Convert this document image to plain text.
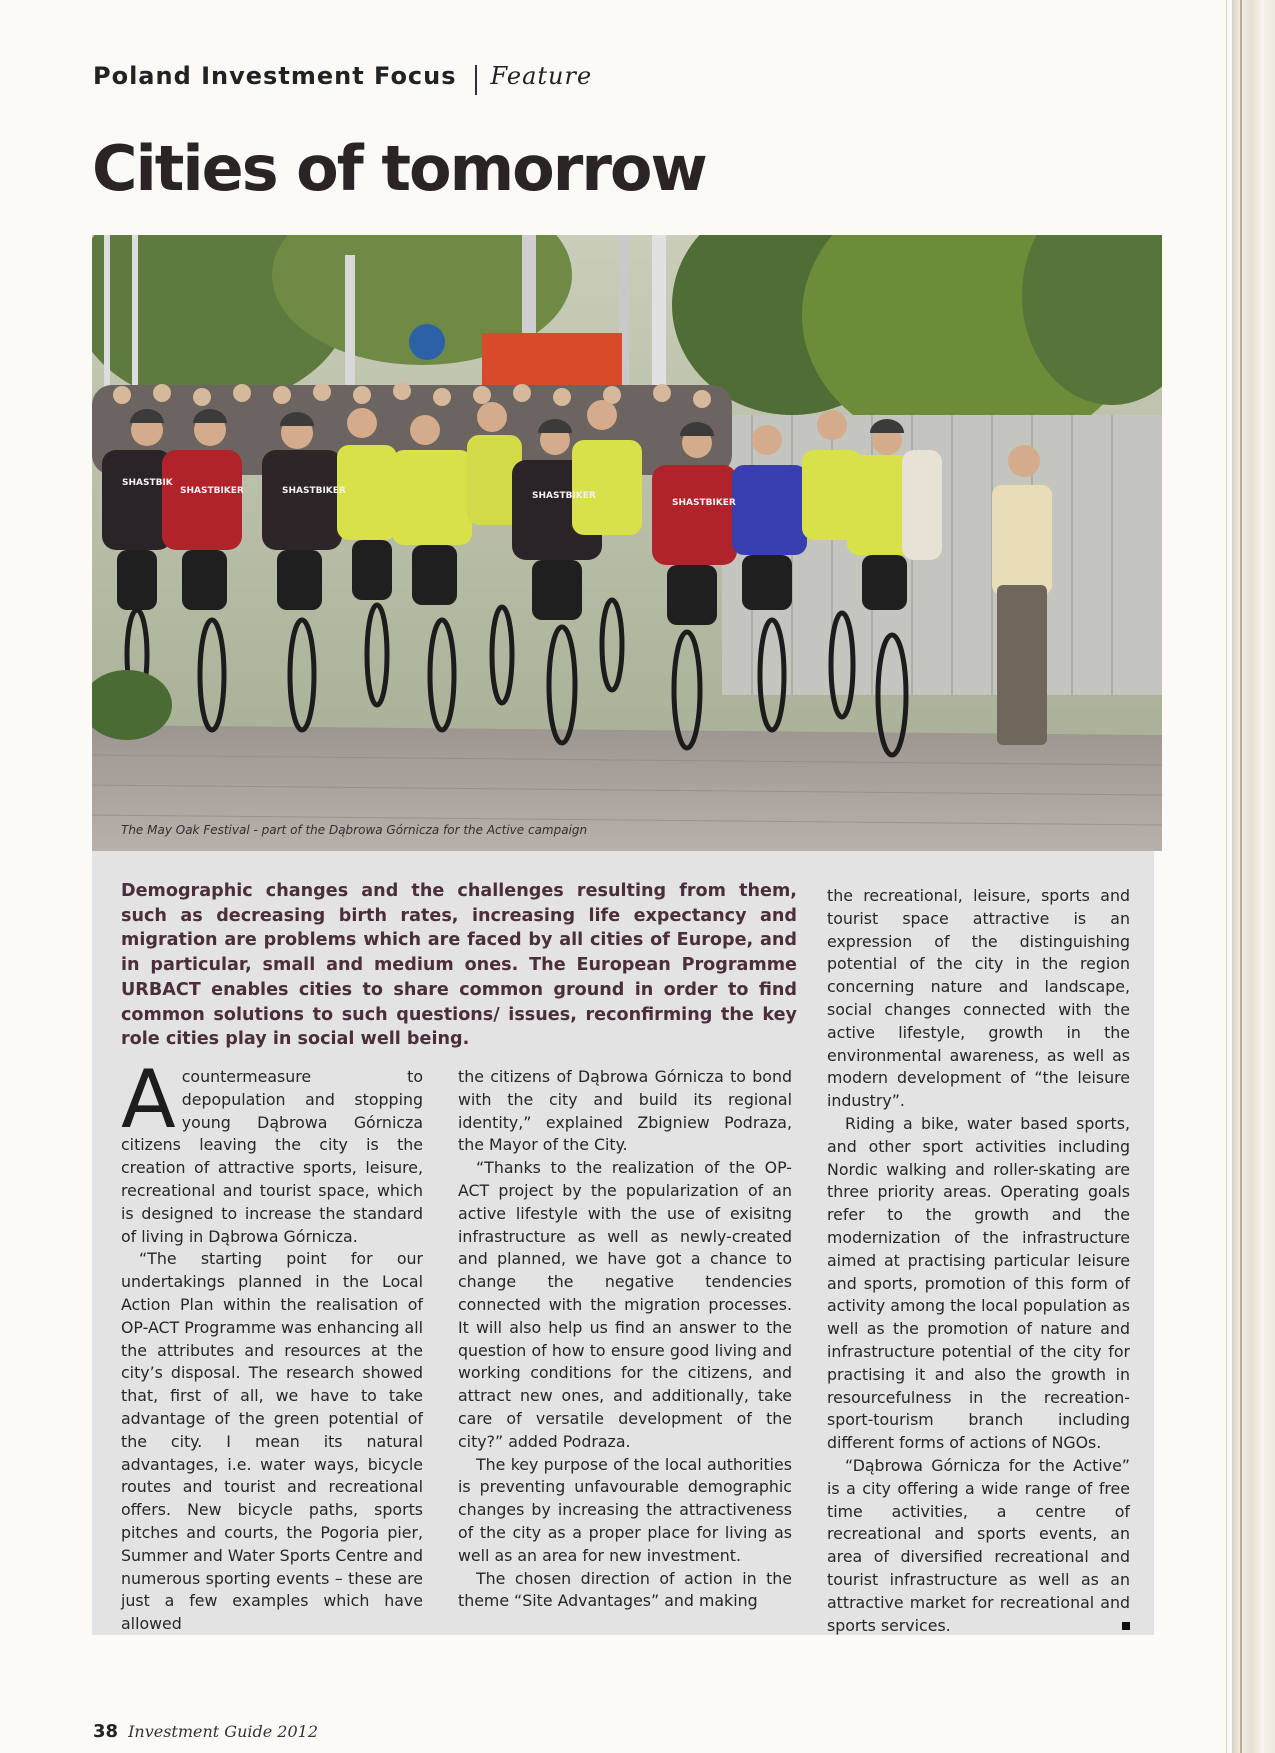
Poland Investment Focus Feature
Cities of tomorrow
SHASTBIK
SHASTBIKER	SHASTBIKER	SHASTBIKER
SHASTBIKER
The May Oak Festival - part of the Dąbrowa Górnicza for the Active campaign

Demographic changes and the challenges resulting from them, such as decreasing birth rates, increasing life expectancy and migration are problems which are faced by all cities of Europe, and in particular, small and medium ones. The European Programme URBACT enables cities to share common ground in order to find common solutions to such questions/ issues, reconfirming the key role cities play in social well being.

Acountermeasure to depopulation and stopping young Dąbrowa Górnicza citizens leaving the city is the creation of attractive sports, leisure, recreational and tourist space, which is designed to increase the standard of living in Dąbrowa Górnicza.

“The starting point for our undertakings planned in the Local Action Plan within the realisation of OP-ACT Programme was enhancing all the attributes and resources at the city’s disposal. The research showed that, first of all, we have to take advantage of the green potential of the city. I mean its natural advantages, i.e. water ways, bicycle routes and tourist and recreational offers. New bicycle paths, sports pitches and courts, the Pogoria pier, Summer and Water Sports Centre and numerous sporting events – these are just a few examples which have allowed

the citizens of Dąbrowa Górnicza to bond with the city and build its regional identity,” explained Zbigniew Podraza, the Mayor of the City.

“Thanks to the realization of the OP-ACT project by the popularization of an active lifestyle with the use of exisitng infrastructure as well as newly-created and planned, we have got a chance to change the negative tendencies connected with the migration processes. It will also help us find an answer to the question of how to ensure good living and working conditions for the citizens, and attract new ones, and additionally, take care of versatile development of the city?” added Podraza.

The key purpose of the local authorities is preventing unfavourable demographic changes by increasing the attractiveness of the city as a proper place for living as well as an area for new investment.

The chosen direction of action in the theme “Site Advantages” and making

the recreational, leisure, sports and tourist space attractive is an expression of the distinguishing potential of the city in the region concerning nature and landscape, social changes connected with the active lifestyle, growth in the environmental awareness, as well as modern development of “the leisure industry”.

Riding a bike, water based sports, and other sport activities including Nordic walking and roller-skating are three priority areas. Operating goals refer to the growth and the modernization of the infrastructure aimed at practising particular leisure and sports, promotion of this form of activity among the local population as well as the promotion of nature and infrastructure potential of the city for practising it and also the growth in resourcefulness in the recreation-sport-tourism branch including different forms of actions of NGOs.

“Dąbrowa Górnicza for the Active” is a city offering a wide range of free time activities, a centre of recreational and sports events, an area of diversified recreational and tourist infrastructure as well as an attractive market for recreational and sports services.

38 Investment Guide 2012
